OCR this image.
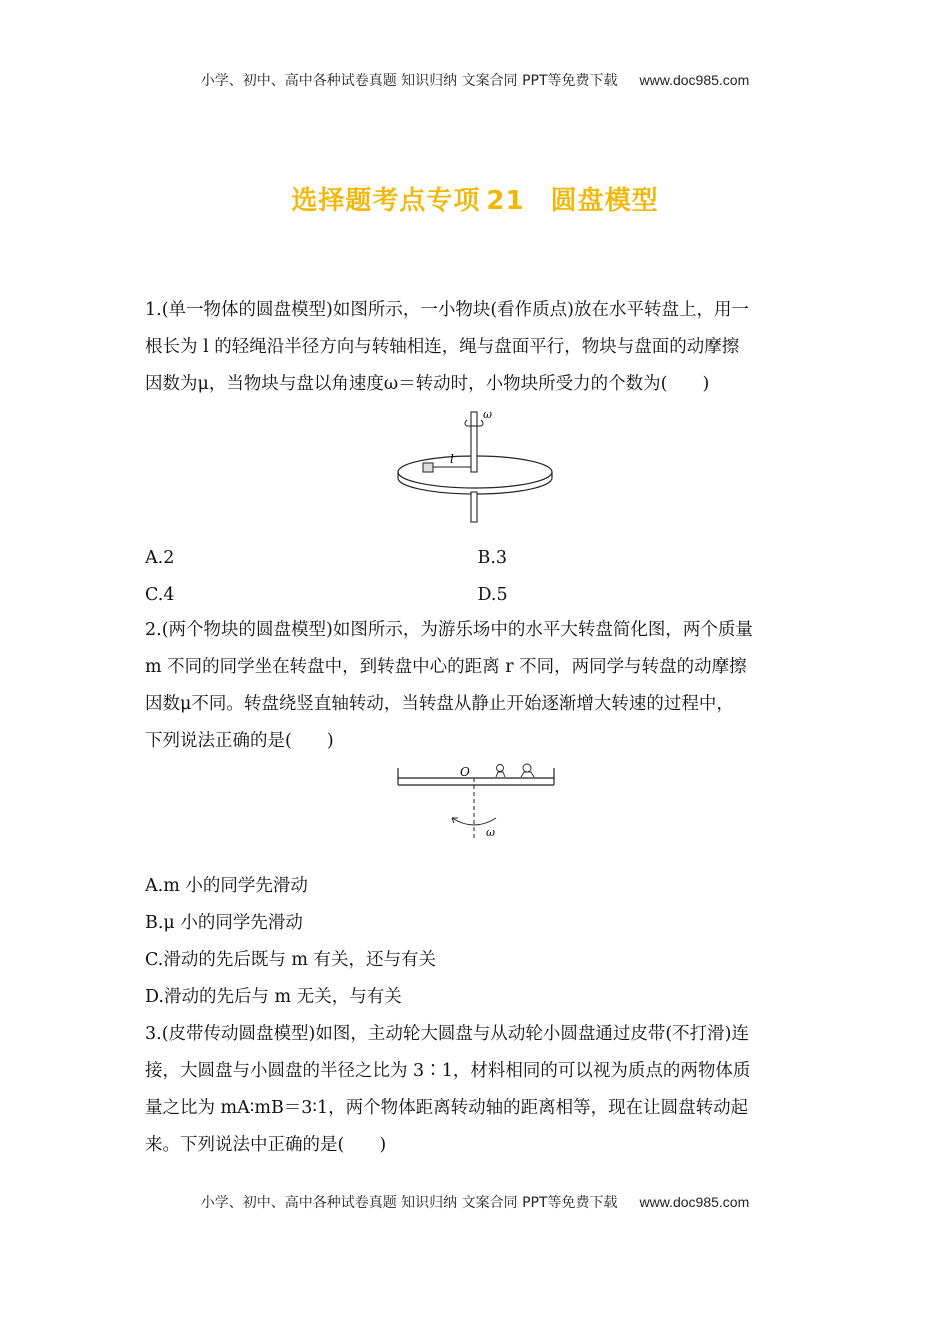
小学、初中、高中各种试卷真题 知识归纳 文案合同 PPT等免费下载 www.doc985.com
选择题考点专项 21 圆盘模型

1.(单一物体的圆盘模型)如图所示，一小物块(看作质点)放在水平转盘上，用一

根长为 l 的轻绳沿半径方向与转轴相连，绳与盘面平行，物块与盘面的动摩擦

因数为μ，当物块与盘以角速度ω＝转动时，小物块所受力的个数为(　　)

ω
l
A.2	B.3
C.4	D.5

2.(两个物块的圆盘模型)如图所示，为游乐场中的水平大转盘简化图，两个质量

m 不同的同学坐在转盘中，到转盘中心的距离 r 不同，两同学与转盘的动摩擦

因数μ不同。转盘绕竖直轴转动，当转盘从静止开始逐渐增大转速的过程中，

下列说法正确的是(　　)

O
ω

A.m 小的同学先滑动

B.μ 小的同学先滑动

C.滑动的先后既与 m 有关，还与有关

D.滑动的先后与 m 无关，与有关

3.(皮带传动圆盘模型)如图，主动轮大圆盘与从动轮小圆盘通过皮带(不打滑)连

接，大圆盘与小圆盘的半径之比为 3∶1，材料相同的可以视为质点的两物体质

量之比为 mA∶mB＝3∶1，两个物体距离转动轴的距离相等，现在让圆盘转动起

来。下列说法中正确的是(　　)

小学、初中、高中各种试卷真题 知识归纳 文案合同 PPT等免费下载 www.doc985.com
